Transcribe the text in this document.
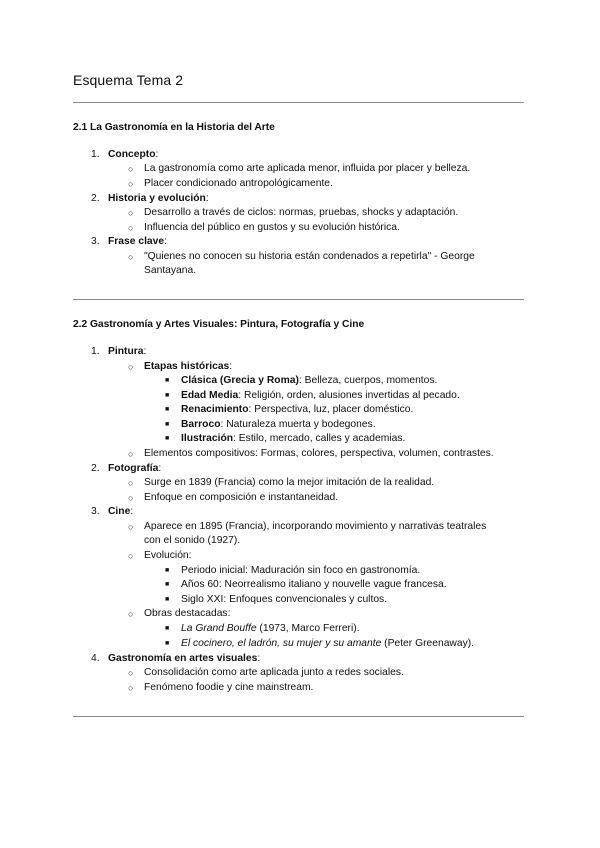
Esquema Tema 2
2.1 La Gastronomía en la Historia del Arte
1. Concepto:
○ La gastronomía como arte aplicada menor, influida por placer y belleza.
○ Placer condicionado antropológicamente.
2. Historia y evolución:
○ Desarrollo a través de ciclos: normas, pruebas, shocks y adaptación.
○ Influencia del público en gustos y su evolución histórica.
3. Frase clave:
○ "Quienes no conocen su historia están condenados a repetirla" - George
Santayana.
2.2 Gastronomía y Artes Visuales: Pintura, Fotografía y Cine
1. Pintura:
○ Etapas históricas:
■ Clásica (Grecia y Roma): Belleza, cuerpos, momentos.
■ Edad Media: Religión, orden, alusiones invertidas al pecado.
■ Renacimiento: Perspectiva, luz, placer doméstico.
■ Barroco: Naturaleza muerta y bodegones.
■ Ilustración: Estilo, mercado, calles y academias.
○ Elementos compositivos: Formas, colores, perspectiva, volumen, contrastes.
2. Fotografía:
○ Surge en 1839 (Francia) como la mejor imitación de la realidad.
○ Enfoque en composición e instantaneidad.
3. Cine:
○ Aparece en 1895 (Francia), incorporando movimiento y narrativas teatrales
con el sonido (1927).
○ Evolución:
■ Periodo inicial: Maduración sin foco en gastronomía.
■ Años 60: Neorrealismo italiano y nouvelle vague francesa.
■ Siglo XXI: Enfoques convencionales y cultos.
○ Obras destacadas:
■ La Grand Bouffe (1973, Marco Ferreri).
■ El cocinero, el ladrón, su mujer y su amante (Peter Greenaway).
4. Gastronomía en artes visuales:
○ Consolidación como arte aplicada junto a redes sociales.
○ Fenómeno foodie y cine mainstream.
